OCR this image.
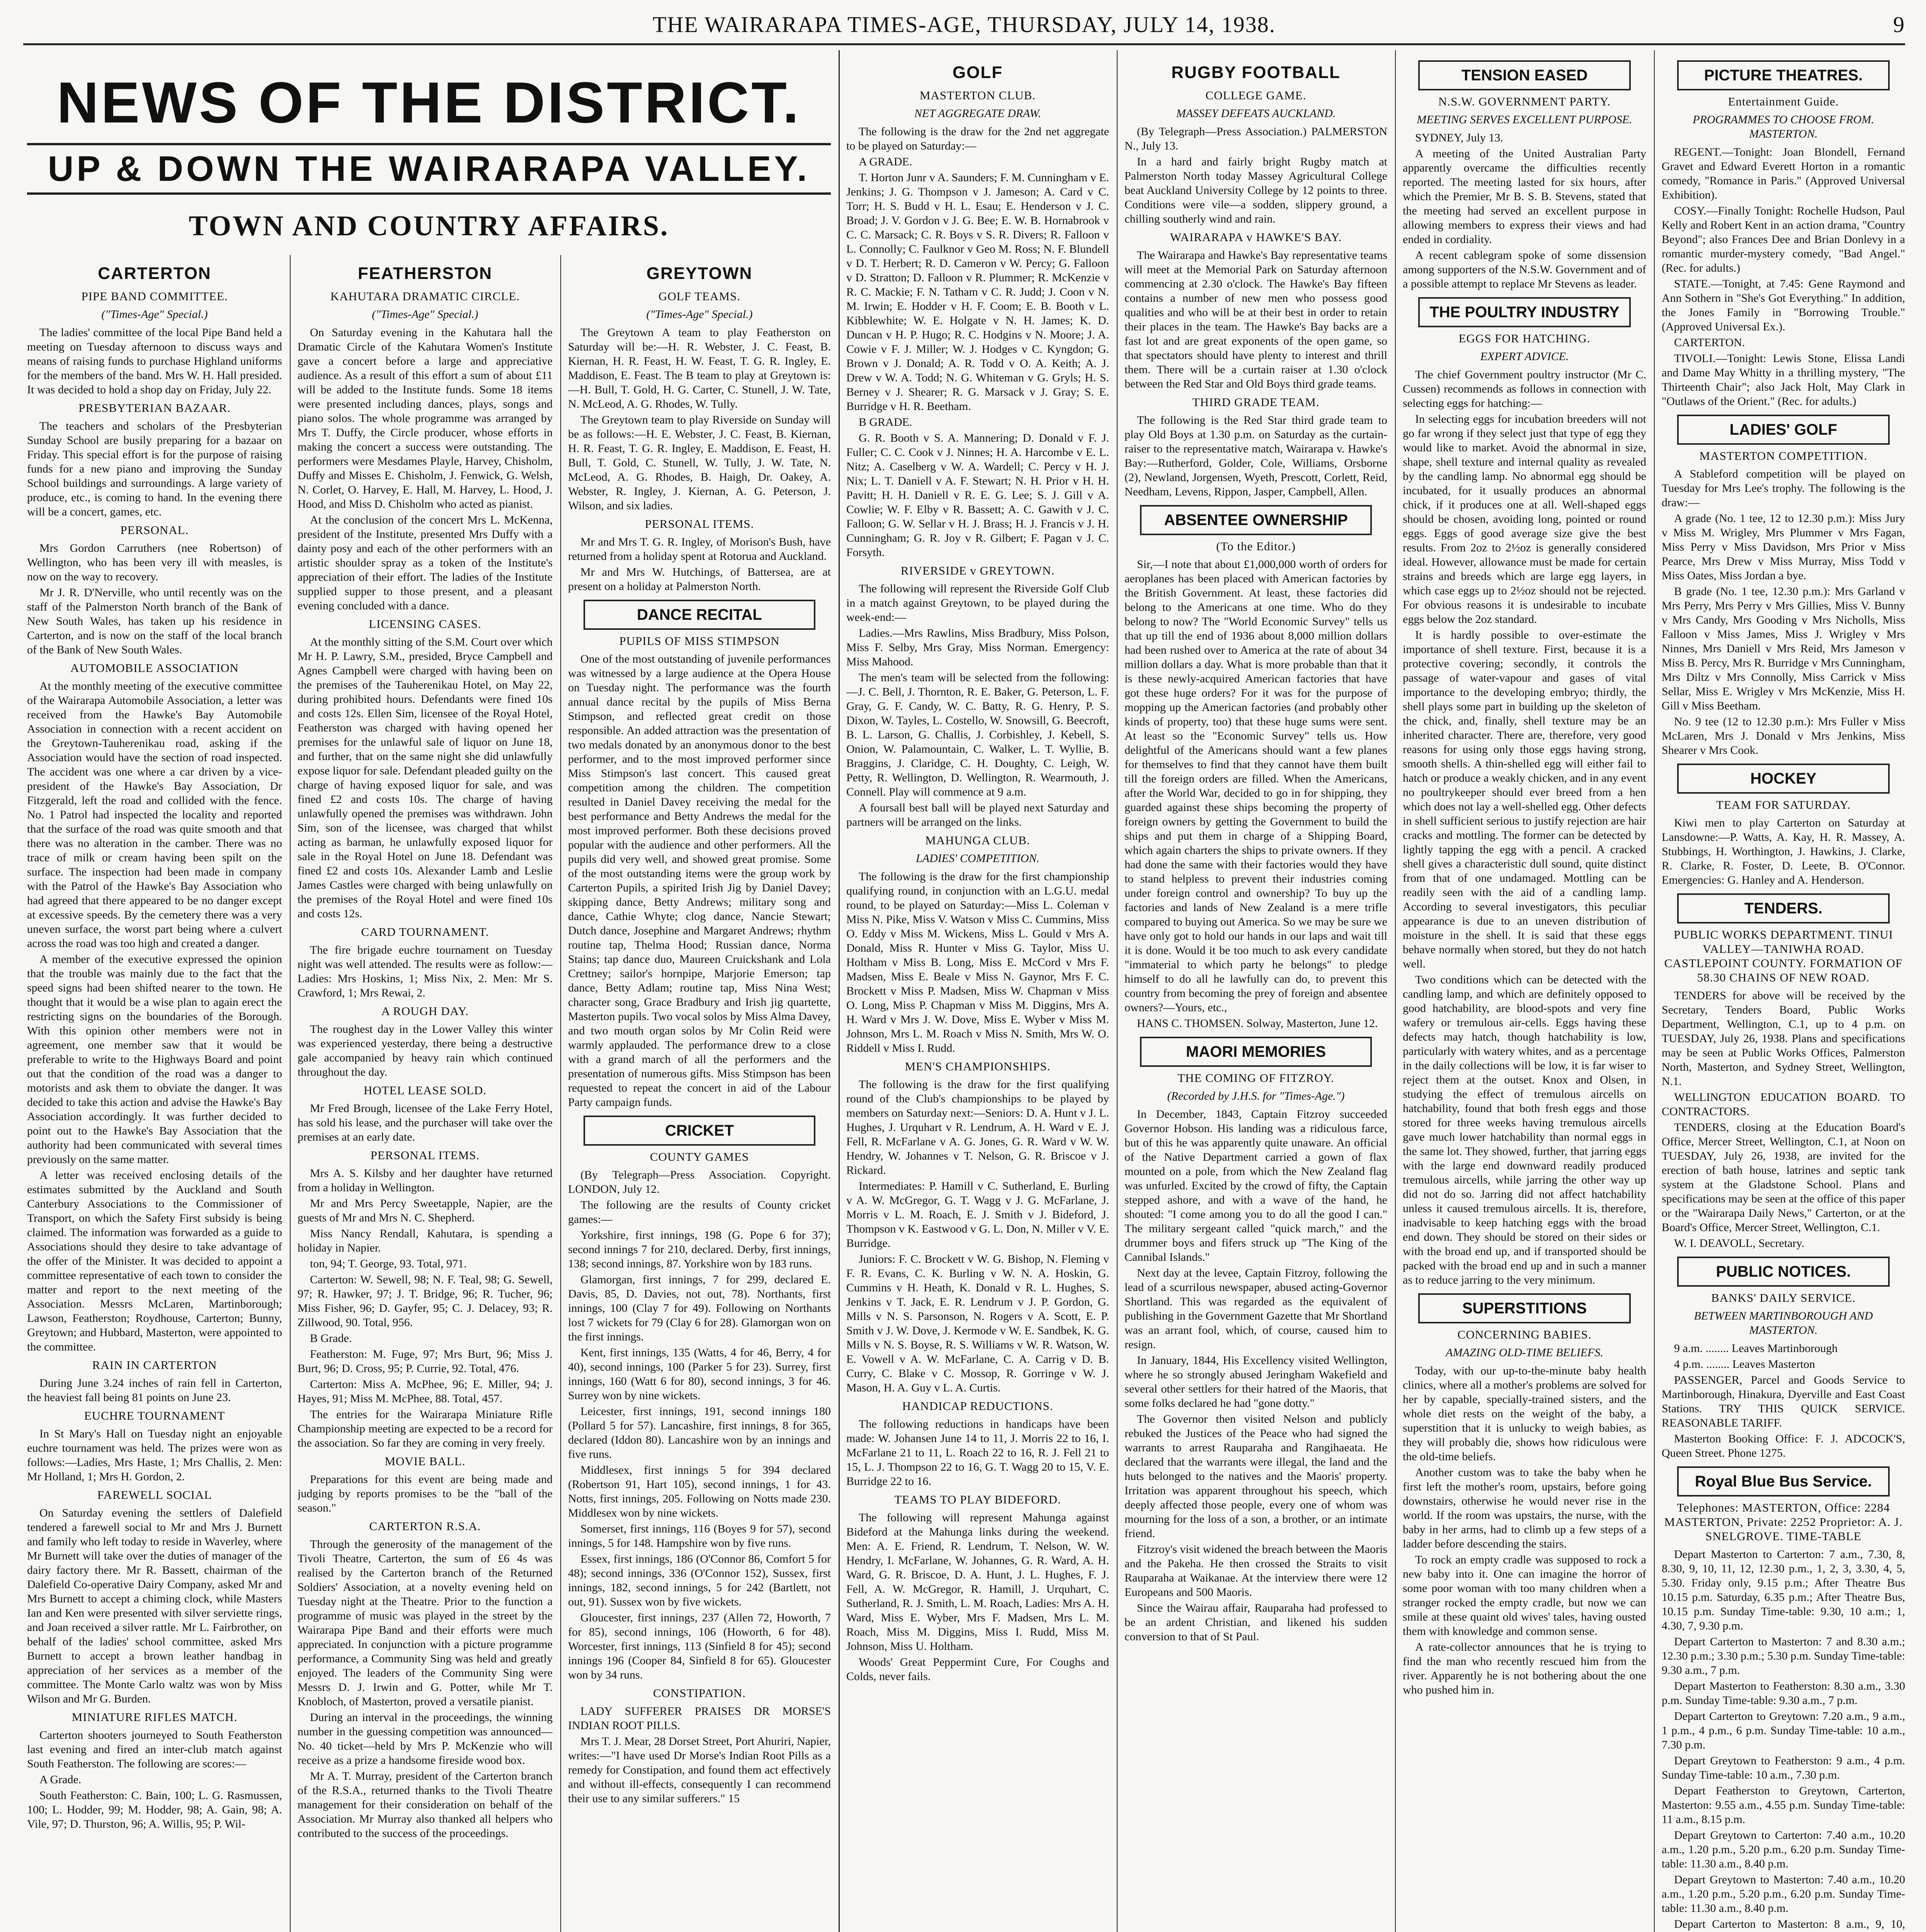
THE WAIRARAPA TIMES-AGE, THURSDAY, JULY 14, 1938.	9
NEWS OF THE DISTRICT.
UP & DOWN THE WAIRARAPA VALLEY.
TOWN AND COUNTRY AFFAIRS.
CARTERTON
PIPE BAND COMMITTEE.
("Times-Age" Special.)

The ladies' committee of the local Pipe Band held a meeting on Tuesday afternoon to discuss ways and means of raising funds to purchase Highland uniforms for the members of the band. Mrs W. H. Hall presided. It was decided to hold a shop day on Friday, July 22.

PRESBYTERIAN BAZAAR.

The teachers and scholars of the Presbyterian Sunday School are busily preparing for a bazaar on Friday. This special effort is for the purpose of raising funds for a new piano and improving the Sunday School buildings and surroundings. A large variety of produce, etc., is coming to hand. In the evening there will be a concert, games, etc.

PERSONAL.

Mrs Gordon Carruthers (nee Robertson) of Wellington, who has been very ill with measles, is now on the way to recovery.

Mr J. R. D'Nerville, who until recently was on the staff of the Palmerston North branch of the Bank of New South Wales, has taken up his residence in Carterton, and is now on the staff of the local branch of the Bank of New South Wales.

AUTOMOBILE ASSOCIATION

At the monthly meeting of the executive committee of the Wairarapa Automobile Association, a letter was received from the Hawke's Bay Automobile Association in connection with a recent accident on the Greytown-Tauherenikau road, asking if the Association would have the section of road inspected. The accident was one where a car driven by a vice-president of the Hawke's Bay Association, Dr Fitzgerald, left the road and collided with the fence. No. 1 Patrol had inspected the locality and reported that the surface of the road was quite smooth and that there was no alteration in the camber. There was no trace of milk or cream having been spilt on the surface. The inspection had been made in company with the Patrol of the Hawke's Bay Association who had agreed that there appeared to be no danger except at excessive speeds. By the cemetery there was a very uneven surface, the worst part being where a culvert across the road was too high and created a danger.

A member of the executive expressed the opinion that the trouble was mainly due to the fact that the speed signs had been shifted nearer to the town. He thought that it would be a wise plan to again erect the restricting signs on the boundaries of the Borough. With this opinion other members were not in agreement, one member saw that it would be preferable to write to the Highways Board and point out that the condition of the road was a danger to motorists and ask them to obviate the danger. It was decided to take this action and advise the Hawke's Bay Association accordingly. It was further decided to point out to the Hawke's Bay Association that the authority had been communicated with several times previously on the same matter.

A letter was received enclosing details of the estimates submitted by the Auckland and South Canterbury Associations to the Commissioner of Transport, on which the Safety First subsidy is being claimed. The information was forwarded as a guide to Associations should they desire to take advantage of the offer of the Minister. It was decided to appoint a committee representative of each town to consider the matter and report to the next meeting of the Association. Messrs McLaren, Martinborough; Lawson, Featherston; Roydhouse, Carterton; Bunny, Greytown; and Hubbard, Masterton, were appointed to the committee.

RAIN IN CARTERTON

During June 3.24 inches of rain fell in Carterton, the heaviest fall being 81 points on June 23.

EUCHRE TOURNAMENT

In St Mary's Hall on Tuesday night an enjoyable euchre tournament was held. The prizes were won as follows:—Ladies, Mrs Haste, 1; Mrs Challis, 2. Men: Mr Holland, 1; Mrs H. Gordon, 2.

FAREWELL SOCIAL

On Saturday evening the settlers of Dalefield tendered a farewell social to Mr and Mrs J. Burnett and family who left today to reside in Waverley, where Mr Burnett will take over the duties of manager of the dairy factory there. Mr R. Bassett, chairman of the Dalefield Co-operative Dairy Company, asked Mr and Mrs Burnett to accept a chiming clock, while Masters Ian and Ken were presented with silver serviette rings, and Joan received a silver rattle. Mr L. Fairbrother, on behalf of the ladies' school committee, asked Mrs Burnett to accept a brown leather handbag in appreciation of her services as a member of the committee. The Monte Carlo waltz was won by Miss Wilson and Mr G. Burden.

MINIATURE RIFLES MATCH.

Carterton shooters journeyed to South Featherston last evening and fired an inter-club match against South Featherston. The following are scores:—

A Grade.

South Featherston: C. Bain, 100; L. G. Rasmussen, 100; L. Hodder, 99; M. Hodder, 98; A. Gain, 98; A. Vile, 97; D. Thurston, 96; A. Willis, 95; P. Wil-

FEATHERSTON
KAHUTARA DRAMATIC CIRCLE.
("Times-Age" Special.)

On Saturday evening in the Kahutara hall the Dramatic Circle of the Kahutara Women's Institute gave a concert before a large and appreciative audience. As a result of this effort a sum of about £11 will be added to the Institute funds. Some 18 items were presented including dances, plays, songs and piano solos. The whole programme was arranged by Mrs T. Duffy, the Circle producer, whose efforts in making the concert a success were outstanding. The performers were Mesdames Playle, Harvey, Chisholm, Duffy and Misses E. Chisholm, J. Fenwick, G. Welsh, N. Corlet, O. Harvey, E. Hall, M. Harvey, L. Hood, J. Hood, and Miss D. Chisholm who acted as pianist.

At the conclusion of the concert Mrs L. McKenna, president of the Institute, presented Mrs Duffy with a dainty posy and each of the other performers with an artistic shoulder spray as a token of the Institute's appreciation of their effort. The ladies of the Institute supplied supper to those present, and a pleasant evening concluded with a dance.

LICENSING CASES.

At the monthly sitting of the S.M. Court over which Mr H. P. Lawry, S.M., presided, Bryce Campbell and Agnes Campbell were charged with having been on the premises of the Tauherenikau Hotel, on May 22, during prohibited hours. Defendants were fined 10s and costs 12s. Ellen Sim, licensee of the Royal Hotel, Featherston was charged with having opened her premises for the unlawful sale of liquor on June 18, and further, that on the same night she did unlawfully expose liquor for sale. Defendant pleaded guilty on the charge of having exposed liquor for sale, and was fined £2 and costs 10s. The charge of having unlawfully opened the premises was withdrawn. John Sim, son of the licensee, was charged that whilst acting as barman, he unlawfully exposed liquor for sale in the Royal Hotel on June 18. Defendant was fined £2 and costs 10s. Alexander Lamb and Leslie James Castles were charged with being unlawfully on the premises of the Royal Hotel and were fined 10s and costs 12s.

CARD TOURNAMENT.

The fire brigade euchre tournament on Tuesday night was well attended. The results were as follow:—Ladies: Mrs Hoskins, 1; Miss Nix, 2. Men: Mr S. Crawford, 1; Mrs Rewai, 2.

A ROUGH DAY.

The roughest day in the Lower Valley this winter was experienced yesterday, there being a destructive gale accompanied by heavy rain which continued throughout the day.

HOTEL LEASE SOLD.

Mr Fred Brough, licensee of the Lake Ferry Hotel, has sold his lease, and the purchaser will take over the premises at an early date.

PERSONAL ITEMS.

Mrs A. S. Kilsby and her daughter have returned from a holiday in Wellington.

Mr and Mrs Percy Sweetapple, Napier, are the guests of Mr and Mrs N. C. Shepherd.

Miss Nancy Rendall, Kahutara, is spending a holiday in Napier.

ton, 94; T. George, 93. Total, 971.

Carterton: W. Sewell, 98; N. F. Teal, 98; G. Sewell, 97; R. Hawker, 97; J. T. Bridge, 96; R. Tucher, 96; Miss Fisher, 96; D. Gayfer, 95; C. J. Delacey, 93; R. Zillwood, 90. Total, 956.

B Grade.

Featherston: M. Fuge, 97; Mrs Burt, 96; Miss J. Burt, 96; D. Cross, 95; P. Currie, 92. Total, 476.

Carterton: Miss A. McPhee, 96; E. Miller, 94; J. Hayes, 91; Miss M. McPhee, 88. Total, 457.

The entries for the Wairarapa Miniature Rifle Championship meeting are expected to be a record for the association. So far they are coming in very freely.

MOVIE BALL.

Preparations for this event are being made and judging by reports promises to be the "ball of the season."

CARTERTON R.S.A.

Through the generosity of the management of the Tivoli Theatre, Carterton, the sum of £6 4s was realised by the Carterton branch of the Returned Soldiers' Association, at a novelty evening held on Tuesday night at the Theatre. Prior to the function a programme of music was played in the street by the Wairarapa Pipe Band and their efforts were much appreciated. In conjunction with a picture programme performance, a Community Sing was held and greatly enjoyed. The leaders of the Community Sing were Messrs D. J. Irwin and G. Potter, while Mr T. Knobloch, of Masterton, proved a versatile pianist.

During an interval in the proceedings, the winning number in the guessing competition was announced—No. 40 ticket—held by Mrs P. McKenzie who will receive as a prize a handsome fireside wood box.

Mr A. T. Murray, president of the Carterton branch of the R.S.A., returned thanks to the Tivoli Theatre management for their consideration on behalf of the Association. Mr Murray also thanked all helpers who contributed to the success of the proceedings.

GREYTOWN
GOLF TEAMS.
("Times-Age" Special.)

The Greytown A team to play Featherston on Saturday will be:—H. R. Webster, J. C. Feast, B. Kiernan, H. R. Feast, H. W. Feast, T. G. R. Ingley, E. Maddison, E. Feast. The B team to play at Greytown is:—H. Bull, T. Gold, H. G. Carter, C. Stunell, J. W. Tate, N. McLeod, A. G. Rhodes, W. Tully.

The Greytown team to play Riverside on Sunday will be as follows:—H. E. Webster, J. C. Feast, B. Kiernan, H. R. Feast, T. G. R. Ingley, E. Maddison, E. Feast, H. Bull, T. Gold, C. Stunell, W. Tully, J. W. Tate, N. McLeod, A. G. Rhodes, B. Haigh, Dr. Oakey, A. Webster, R. Ingley, J. Kiernan, A. G. Peterson, J. Wilson, and six ladies.

PERSONAL ITEMS.

Mr and Mrs T. G. R. Ingley, of Morison's Bush, have returned from a holiday spent at Rotorua and Auckland.

Mr and Mrs W. Hutchings, of Battersea, are at present on a holiday at Palmerston North.

DANCE RECITAL
PUPILS OF MISS STIMPSON

One of the most outstanding of juvenile performances was witnessed by a large audience at the Opera House on Tuesday night. The performance was the fourth annual dance recital by the pupils of Miss Berna Stimpson, and reflected great credit on those responsible. An added attraction was the presentation of two medals donated by an anonymous donor to the best performer, and to the most improved performer since Miss Stimpson's last concert. This caused great competition among the children. The competition resulted in Daniel Davey receiving the medal for the best performance and Betty Andrews the medal for the most improved performer. Both these decisions proved popular with the audience and other performers. All the pupils did very well, and showed great promise. Some of the most outstanding items were the group work by Carterton Pupils, a spirited Irish Jig by Daniel Davey; skipping dance, Betty Andrews; military song and dance, Cathie Whyte; clog dance, Nancie Stewart; Dutch dance, Josephine and Margaret Andrews; rhythm routine tap, Thelma Hood; Russian dance, Norma Stains; tap dance duo, Maureen Cruickshank and Lola Crettney; sailor's hornpipe, Marjorie Emerson; tap dance, Betty Adlam; routine tap, Miss Nina West; character song, Grace Bradbury and Irish jig quartette, Masterton pupils. Two vocal solos by Miss Alma Davey, and two mouth organ solos by Mr Colin Reid were warmly applauded. The performance drew to a close with a grand march of all the performers and the presentation of numerous gifts. Miss Stimpson has been requested to repeat the concert in aid of the Labour Party campaign funds.

CRICKET
COUNTY GAMES

(By Telegraph—Press Association. Copyright. LONDON, July 12.

The following are the results of County cricket games:—

Yorkshire, first innings, 198 (G. Pope 6 for 37); second innings 7 for 210, declared. Derby, first innings, 138; second innings, 87. Yorkshire won by 183 runs.

Glamorgan, first innings, 7 for 299, declared E. Davis, 85, D. Davies, not out, 78). Northants, first innings, 100 (Clay 7 for 49). Following on Northants lost 7 wickets for 79 (Clay 6 for 28). Glamorgan won on the first innings.

Kent, first innings, 135 (Watts, 4 for 46, Berry, 4 for 40), second innings, 100 (Parker 5 for 23). Surrey, first innings, 160 (Watt 6 for 80), second innings, 3 for 46. Surrey won by nine wickets.

Leicester, first innings, 191, second innings 180 (Pollard 5 for 57). Lancashire, first innings, 8 for 365, declared (Iddon 80). Lancashire won by an innings and five runs.

Middlesex, first innings 5 for 394 declared (Robertson 91, Hart 105), second innings, 1 for 43. Notts, first innings, 205. Following on Notts made 230. Middlesex won by nine wickets.

Somerset, first innings, 116 (Boyes 9 for 57), second innings, 5 for 148. Hampshire won by five runs.

Essex, first innings, 186 (O'Connor 86, Comfort 5 for 48); second innings, 336 (O'Connor 152), Sussex, first innings, 182, second innings, 5 for 242 (Bartlett, not out, 91). Sussex won by five wickets.

Gloucester, first innings, 237 (Allen 72, Howorth, 7 for 85), second innings, 106 (Howorth, 6 for 48). Worcester, first innings, 113 (Sinfield 8 for 45); second innings 196 (Cooper 84, Sinfield 8 for 65). Gloucester won by 34 runs.

CONSTIPATION.

LADY SUFFERER PRAISES DR MORSE'S INDIAN ROOT PILLS.

Mrs T. J. Mear, 28 Dorset Street, Port Ahuriri, Napier, writes:—"I have used Dr Morse's Indian Root Pills as a remedy for Constipation, and found them act effectively and without ill-effects, consequently I can recommend their use to any similar sufferers." 15

GOLF
MASTERTON CLUB.
NET AGGREGATE DRAW.

The following is the draw for the 2nd net aggregate to be played on Saturday:—

A GRADE.

T. Horton Junr v A. Saunders; F. M. Cunningham v E. Jenkins; J. G. Thompson v J. Jameson; A. Card v C. Torr; H. S. Budd v H. L. Esau; E. Henderson v J. C. Broad; J. V. Gordon v J. G. Bee; E. W. B. Hornabrook v C. C. Marsack; C. R. Boys v S. R. Divers; R. Falloon v L. Connolly; C. Faulknor v Geo M. Ross; N. F. Blundell v D. T. Herbert; R. D. Cameron v W. Percy; G. Falloon v D. Stratton; D. Falloon v R. Plummer; R. McKenzie v R. C. Mackie; F. N. Tatham v C. R. Judd; J. Coon v N. M. Irwin; E. Hodder v H. F. Coom; E. B. Booth v L. Kibblewhite; W. E. Holgate v N. H. James; K. D. Duncan v H. P. Hugo; R. C. Hodgins v N. Moore; J. A. Cowie v F. J. Miller; W. J. Hodges v C. Kyngdon; G. Brown v J. Donald; A. R. Todd v O. A. Keith; A. J. Drew v W. A. Todd; N. G. Whiteman v G. Gryls; H. S. Berney v J. Shearer; R. G. Marsack v J. Gray; S. E. Burridge v H. R. Beetham.

B GRADE.

G. R. Booth v S. A. Mannering; D. Donald v F. J. Fuller; C. C. Cook v J. Ninnes; H. A. Harcombe v E. L. Nitz; A. Caselberg v W. A. Wardell; C. Percy v H. J. Nix; L. T. Daniell v A. F. Stewart; N. H. Prior v H. H. Pavitt; H. H. Daniell v R. E. G. Lee; S. J. Gill v A. Cowlie; W. F. Elby v R. Bassett; A. C. Gawith v J. C. Falloon; G. W. Sellar v H. J. Brass; H. J. Francis v J. H. Cunningham; G. R. Joy v R. Gilbert; F. Pagan v J. C. Forsyth.

RIVERSIDE v GREYTOWN.

The following will represent the Riverside Golf Club in a match against Greytown, to be played during the week-end:—

Ladies.—Mrs Rawlins, Miss Bradbury, Miss Polson, Miss F. Selby, Mrs Gray, Miss Norman. Emergency: Miss Mahood.

The men's team will be selected from the following:—J. C. Bell, J. Thornton, R. E. Baker, G. Peterson, L. F. Gray, G. F. Candy, W. C. Batty, R. G. Henry, P. S. Dixon, W. Tayles, L. Costello, W. Snowsill, G. Beecroft, B. L. Larson, G. Challis, J. Corbishley, J. Kebell, S. Onion, W. Palamountain, C. Walker, L. T. Wyllie, B. Braggins, J. Claridge, C. H. Doughty, C. Leigh, W. Petty, R. Wellington, D. Wellington, R. Wearmouth, J. Connell. Play will commence at 9 a.m.

A foursall best ball will be played next Saturday and partners will be arranged on the links.

MAHUNGA CLUB.
LADIES' COMPETITION.

The following is the draw for the first championship qualifying round, in conjunction with an L.G.U. medal round, to be played on Saturday:—Miss L. Coleman v Miss N. Pike, Miss V. Watson v Miss C. Cummins, Miss O. Eddy v Miss M. Wickens, Miss L. Gould v Mrs A. Donald, Miss R. Hunter v Miss G. Taylor, Miss U. Holtham v Miss B. Long, Miss E. McCord v Mrs F. Madsen, Miss E. Beale v Miss N. Gaynor, Mrs F. C. Brockett v Miss P. Madsen, Miss W. Chapman v Miss O. Long, Miss P. Chapman v Miss M. Diggins, Mrs A. H. Ward v Mrs J. W. Dove, Miss E. Wyber v Miss M. Johnson, Mrs L. M. Roach v Miss N. Smith, Mrs W. O. Riddell v Miss I. Rudd.

MEN'S CHAMPIONSHIPS.

The following is the draw for the first qualifying round of the Club's championships to be played by members on Saturday next:—Seniors: D. A. Hunt v J. L. Hughes, J. Urquhart v R. Lendrum, A. H. Ward v E. J. Fell, R. McFarlane v A. G. Jones, G. R. Ward v W. W. Hendry, W. Johannes v T. Nelson, G. R. Briscoe v J. Rickard.

Intermediates: P. Hamill v C. Sutherland, E. Burling v A. W. McGregor, G. T. Wagg v J. G. McFarlane, J. Morris v L. M. Roach, E. J. Smith v J. Bideford, J. Thompson v K. Eastwood v G. L. Don, N. Miller v V. E. Burridge.

Juniors: F. C. Brockett v W. G. Bishop, N. Fleming v F. R. Evans, C. K. Burling v W. N. A. Hoskin, G. Cummins v H. Heath, K. Donald v R. L. Hughes, S. Jenkins v T. Jack, E. R. Lendrum v J. P. Gordon, G. Mills v N. S. Parsonson, N. Rogers v A. Scott, E. P. Smith v J. W. Dove, J. Kermode v W. E. Sandbek, K. G. Mills v N. S. Boyse, R. S. Williams v W. R. Watson, W. E. Vowell v A. W. McFarlane, C. A. Carrig v D. B. Curry, C. Blake v C. Mossop, R. Gorringe v W. J. Mason, H. A. Guy v L. A. Curtis.

HANDICAP REDUCTIONS.

The following reductions in handicaps have been made: W. Johansen June 14 to 11, J. Morris 22 to 16, I. McFarlane 21 to 11, L. Roach 22 to 16, R. J. Fell 21 to 15, L. J. Thompson 22 to 16, G. T. Wagg 20 to 15, V. E. Burridge 22 to 16.

TEAMS TO PLAY BIDEFORD.

The following will represent Mahunga against Bideford at the Mahunga links during the weekend. Men: A. E. Friend, R. Lendrum, T. Nelson, W. W. Hendry, I. McFarlane, W. Johannes, G. R. Ward, A. H. Ward, G. R. Briscoe, D. A. Hunt, J. L. Hughes, F. J. Fell, A. W. McGregor, R. Hamill, J. Urquhart, C. Sutherland, R. J. Smith, L. M. Roach, Ladies: Mrs A. H. Ward, Miss E. Wyber, Mrs F. Madsen, Mrs L. M. Roach, Miss M. Diggins, Miss I. Rudd, Miss M. Johnson, Miss U. Holtham.

Woods' Great Peppermint Cure, For Coughs and Colds, never fails.

RUGBY FOOTBALL
COLLEGE GAME.
MASSEY DEFEATS AUCKLAND.

(By Telegraph—Press Association.) PALMERSTON N., July 13.

In a hard and fairly bright Rugby match at Palmerston North today Massey Agricultural College beat Auckland University College by 12 points to three. Conditions were vile—a sodden, slippery ground, a chilling southerly wind and rain.

WAIRARAPA v HAWKE'S BAY.

The Wairarapa and Hawke's Bay representative teams will meet at the Memorial Park on Saturday afternoon commencing at 2.30 o'clock. The Hawke's Bay fifteen contains a number of new men who possess good qualities and who will be at their best in order to retain their places in the team. The Hawke's Bay backs are a fast lot and are great exponents of the open game, so that spectators should have plenty to interest and thrill them. There will be a curtain raiser at 1.30 o'clock between the Red Star and Old Boys third grade teams.

THIRD GRADE TEAM.

The following is the Red Star third grade team to play Old Boys at 1.30 p.m. on Saturday as the curtain-raiser to the representative match, Wairarapa v. Hawke's Bay:—Rutherford, Golder, Cole, Williams, Orsborne (2), Newland, Jorgensen, Wyeth, Prescott, Corlett, Reid, Needham, Levens, Rippon, Jasper, Campbell, Allen.

ABSENTEE OWNERSHIP
(To the Editor.)

Sir,—I note that about £1,000,000 worth of orders for aeroplanes has been placed with American factories by the British Government. At least, these factories did belong to the Americans at one time. Who do they belong to now? The "World Economic Survey" tells us that up till the end of 1936 about 8,000 million dollars had been rushed over to America at the rate of about 34 million dollars a day. What is more probable than that it is these newly-acquired American factories that have got these huge orders? For it was for the purpose of mopping up the American factories (and probably other kinds of property, too) that these huge sums were sent. At least so the "Economic Survey" tells us. How delightful of the Americans should want a few planes for themselves to find that they cannot have them built till the foreign orders are filled. When the Americans, after the World War, decided to go in for shipping, they guarded against these ships becoming the property of foreign owners by getting the Government to build the ships and put them in charge of a Shipping Board, which again charters the ships to private owners. If they had done the same with their factories would they have to stand helpless to prevent their industries coming under foreign control and ownership? To buy up the factories and lands of New Zealand is a mere trifle compared to buying out America. So we may be sure we have only got to hold our hands in our laps and wait till it is done. Would it be too much to ask every candidate "immaterial to which party he belongs" to pledge himself to do all he lawfully can do, to prevent this country from becoming the prey of foreign and absentee owners?—Yours, etc.,

HANS C. THOMSEN. Solway, Masterton, June 12.

MAORI MEMORIES
THE COMING OF FITZROY.
(Recorded by J.H.S. for "Times-Age.")

In December, 1843, Captain Fitzroy succeeded Governor Hobson. His landing was a ridiculous farce, but of this he was apparently quite unaware. An official of the Native Department carried a gown of flax mounted on a pole, from which the New Zealand flag was unfurled. Excited by the crowd of fifty, the Captain stepped ashore, and with a wave of the hand, he shouted: "I come among you to do all the good I can." The military sergeant called "quick march," and the drummer boys and fifers struck up "The King of the Cannibal Islands."

Next day at the levee, Captain Fitzroy, following the lead of a scurrilous newspaper, abused acting-Governor Shortland. This was regarded as the equivalent of publishing in the Government Gazette that Mr Shortland was an arrant fool, which, of course, caused him to resign.

In January, 1844, His Excellency visited Wellington, where he so strongly abused Jeringham Wakefield and several other settlers for their hatred of the Maoris, that some folks declared he had "gone dotty."

The Governor then visited Nelson and publicly rebuked the Justices of the Peace who had signed the warrants to arrest Rauparaha and Rangihaeata. He declared that the warrants were illegal, the land and the huts belonged to the natives and the Maoris' property. Irritation was apparent throughout his speech, which deeply affected those people, every one of whom was mourning for the loss of a son, a brother, or an intimate friend.

Fitzroy's visit widened the breach between the Maoris and the Pakeha. He then crossed the Straits to visit Rauparaha at Waikanae. At the interview there were 12 Europeans and 500 Maoris.

Since the Wairau affair, Rauparaha had professed to be an ardent Christian, and likened his sudden conversion to that of St Paul.

TENSION EASED
N.S.W. GOVERNMENT PARTY.
MEETING SERVES EXCELLENT PURPOSE.

SYDNEY, July 13.

A meeting of the United Australian Party apparently overcame the difficulties recently reported. The meeting lasted for six hours, after which the Premier, Mr B. S. B. Stevens, stated that the meeting had served an excellent purpose in allowing members to express their views and had ended in cordiality.

A recent cablegram spoke of some dissension among supporters of the N.S.W. Government and of a possible attempt to replace Mr Stevens as leader.

THE POULTRY INDUSTRY
EGGS FOR HATCHING.
EXPERT ADVICE.

The chief Government poultry instructor (Mr C. Cussen) recommends as follows in connection with selecting eggs for hatching:—

In selecting eggs for incubation breeders will not go far wrong if they select just that type of egg they would like to market. Avoid the abnormal in size, shape, shell texture and internal quality as revealed by the candling lamp. No abnormal egg should be incubated, for it usually produces an abnormal chick, if it produces one at all. Well-shaped eggs should be chosen, avoiding long, pointed or round eggs. Eggs of good average size give the best results. From 2oz to 2½oz is generally considered ideal. However, allowance must be made for certain strains and breeds which are large egg layers, in which case eggs up to 2½oz should not be rejected. For obvious reasons it is undesirable to incubate eggs below the 2oz standard.

It is hardly possible to over-estimate the importance of shell texture. First, because it is a protective covering; secondly, it controls the passage of water-vapour and gases of vital importance to the developing embryo; thirdly, the shell plays some part in building up the skeleton of the chick, and, finally, shell texture may be an inherited character. There are, therefore, very good reasons for using only those eggs having strong, smooth shells. A thin-shelled egg will either fail to hatch or produce a weakly chicken, and in any event no poultrykeeper should ever breed from a hen which does not lay a well-shelled egg. Other defects in shell sufficient serious to justify rejection are hair cracks and mottling. The former can be detected by lightly tapping the egg with a pencil. A cracked shell gives a characteristic dull sound, quite distinct from that of one undamaged. Mottling can be readily seen with the aid of a candling lamp. According to several investigators, this peculiar appearance is due to an uneven distribution of moisture in the shell. It is said that these eggs behave normally when stored, but they do not hatch well.

Two conditions which can be detected with the candling lamp, and which are definitely opposed to good hatchability, are blood-spots and very fine wafery or tremulous air-cells. Eggs having these defects may hatch, though hatchability is low, particularly with watery whites, and as a percentage in the daily collections will be low, it is far wiser to reject them at the outset. Knox and Olsen, in studying the effect of tremulous aircells on hatchability, found that both fresh eggs and those stored for three weeks having tremulous aircells gave much lower hatchability than normal eggs in the same lot. They showed, further, that jarring eggs with the large end downward readily produced tremulous aircells, while jarring the other way up did not do so. Jarring did not affect hatchability unless it caused tremulous aircells. It is, therefore, inadvisable to keep hatching eggs with the broad end down. They should be stored on their sides or with the broad end up, and if transported should be packed with the broad end up and in such a manner as to reduce jarring to the very minimum.

SUPERSTITIONS
CONCERNING BABIES.
AMAZING OLD-TIME BELIEFS.

Today, with our up-to-the-minute baby health clinics, where all a mother's problems are solved for her by capable, specially-trained sisters, and the whole diet rests on the weight of the baby, a superstition that it is unlucky to weigh babies, as they will probably die, shows how ridiculous were the old-time beliefs.

Another custom was to take the baby when he first left the mother's room, upstairs, before going downstairs, otherwise he would never rise in the world. If the room was upstairs, the nurse, with the baby in her arms, had to climb up a few steps of a ladder before descending the stairs.

To rock an empty cradle was supposed to rock a new baby into it. One can imagine the horror of some poor woman with too many children when a stranger rocked the empty cradle, but now we can smile at these quaint old wives' tales, having ousted them with knowledge and common sense.

A rate-collector announces that he is trying to find the man who recently rescued him from the river. Apparently he is not bothering about the one who pushed him in.

PICTURE THEATRES.
Entertainment Guide.
PROGRAMMES TO CHOOSE FROM. MASTERTON.

REGENT.—Tonight: Joan Blondell, Fernand Gravet and Edward Everett Horton in a romantic comedy, "Romance in Paris." (Approved Universal Exhibition).

COSY.—Finally Tonight: Rochelle Hudson, Paul Kelly and Robert Kent in an action drama, "Country Beyond"; also Frances Dee and Brian Donlevy in a romantic murder-mystery comedy, "Bad Angel." (Rec. for adults.)

STATE.—Tonight, at 7.45: Gene Raymond and Ann Sothern in "She's Got Everything." In addition, the Jones Family in "Borrowing Trouble." (Approved Universal Ex.).

CARTERTON.

TIVOLI.—Tonight: Lewis Stone, Elissa Landi and Dame May Whitty in a thrilling mystery, "The Thirteenth Chair"; also Jack Holt, May Clark in "Outlaws of the Orient." (Rec. for adults.)

LADIES' GOLF
MASTERTON COMPETITION.

A Stableford competition will be played on Tuesday for Mrs Lee's trophy. The following is the draw:—

A grade (No. 1 tee, 12 to 12.30 p.m.): Miss Jury v Miss M. Wrigley, Mrs Plummer v Mrs Fagan, Miss Perry v Miss Davidson, Mrs Prior v Miss Pearce, Mrs Drew v Miss Murray, Miss Todd v Miss Oates, Miss Jordan a bye.

B grade (No. 1 tee, 12.30 p.m.): Mrs Garland v Mrs Perry, Mrs Perry v Mrs Gillies, Miss V. Bunny v Mrs Candy, Mrs Gooding v Mrs Nicholls, Miss Falloon v Miss James, Miss J. Wrigley v Mrs Ninnes, Mrs Daniell v Mrs Reid, Mrs Jameson v Miss B. Percy, Mrs R. Burridge v Mrs Cunningham, Mrs Diltz v Mrs Connolly, Miss Carrick v Miss Sellar, Miss E. Wrigley v Mrs McKenzie, Miss H. Gill v Miss Beetham.

No. 9 tee (12 to 12.30 p.m.): Mrs Fuller v Miss McLaren, Mrs J. Donald v Mrs Jenkins, Miss Shearer v Mrs Cook.

HOCKEY
TEAM FOR SATURDAY.

Kiwi men to play Carterton on Saturday at Lansdowne:—P. Watts, A. Kay, H. R. Massey, A. Stubbings, H. Worthington, J. Hawkins, J. Clarke, R. Clarke, R. Foster, D. Leete, B. O'Connor. Emergencies: G. Hanley and A. Henderson.

TENDERS.
PUBLIC WORKS DEPARTMENT. TINUI VALLEY—TANIWHA ROAD. CASTLEPOINT COUNTY. FORMATION OF 58.30 CHAINS OF NEW ROAD.

TENDERS for above will be received by the Secretary, Tenders Board, Public Works Department, Wellington, C.1, up to 4 p.m. on TUESDAY, July 26, 1938. Plans and specifications may be seen at Public Works Offices, Palmerston North, Masterton, and Sydney Street, Wellington, N.1.

WELLINGTON EDUCATION BOARD. TO CONTRACTORS.

TENDERS, closing at the Education Board's Office, Mercer Street, Wellington, C.1, at Noon on TUESDAY, July 26, 1938, are invited for the erection of bath house, latrines and septic tank system at the Gladstone School. Plans and specifications may be seen at the office of this paper or the "Wairarapa Daily News," Carterton, or at the Board's Office, Mercer Street, Wellington, C.1.

W. I. DEAVOLL, Secretary.

PUBLIC NOTICES.
BANKS' DAILY SERVICE.
BETWEEN MARTINBOROUGH AND MASTERTON.

9 a.m. ........ Leaves Martinborough

4 p.m. ........ Leaves Masterton

PASSENGER, Parcel and Goods Service to Martinborough, Hinakura, Dyerville and East Coast Stations. TRY THIS QUICK SERVICE. REASONABLE TARIFF.

Masterton Booking Office: F. J. ADCOCK'S, Queen Street. Phone 1275.

Royal Blue Bus Service.
Telephones: MASTERTON, Office: 2284 MASTERTON, Private: 2252 Proprietor: A. J. SNELGROVE. TIME-TABLE

Depart Masterton to Carterton: 7 a.m., 7.30, 8, 8.30, 9, 10, 11, 12, 12.30 p.m., 1, 2, 3, 3.30, 4, 5, 5.30. Friday only, 9.15 p.m.; After Theatre Bus 10.15 p.m. Saturday, 6.35 p.m.; After Theatre Bus, 10.15 p.m. Sunday Time-table: 9.30, 10 a.m.; 1, 4.30, 7, 9.30 p.m.

Depart Carterton to Masterton: 7 and 8.30 a.m.; 12.30 p.m.; 3.30 p.m.; 5.30 p.m. Sunday Time-table: 9.30 a.m., 7 p.m.

Depart Masterton to Featherston: 8.30 a.m., 3.30 p.m. Sunday Time-table: 9.30 a.m., 7 p.m.

Depart Carterton to Greytown: 7.20 a.m., 9 a.m., 1 p.m., 4 p.m., 6 p.m. Sunday Time-table: 10 a.m., 7.30 p.m.

Depart Greytown to Featherston: 9 a.m., 4 p.m. Sunday Time-table: 10 a.m., 7.30 p.m.

Depart Featherston to Greytown, Carterton, Masterton: 9.55 a.m., 4.55 p.m. Sunday Time-table: 11 a.m., 8.15 p.m.

Depart Greytown to Carterton: 7.40 a.m., 10.20 a.m., 1.20 p.m., 5.20 p.m., 6.20 p.m. Sunday Time-table: 11.30 a.m., 8.40 p.m.

Depart Greytown to Masterton: 7.40 a.m., 10.20 a.m., 1.20 p.m., 5.20 p.m., 6.20 p.m. Sunday Time-table: 11.30 a.m., 8.40 p.m.

Depart Carterton to Masterton: 8 a.m., 9, 10,
